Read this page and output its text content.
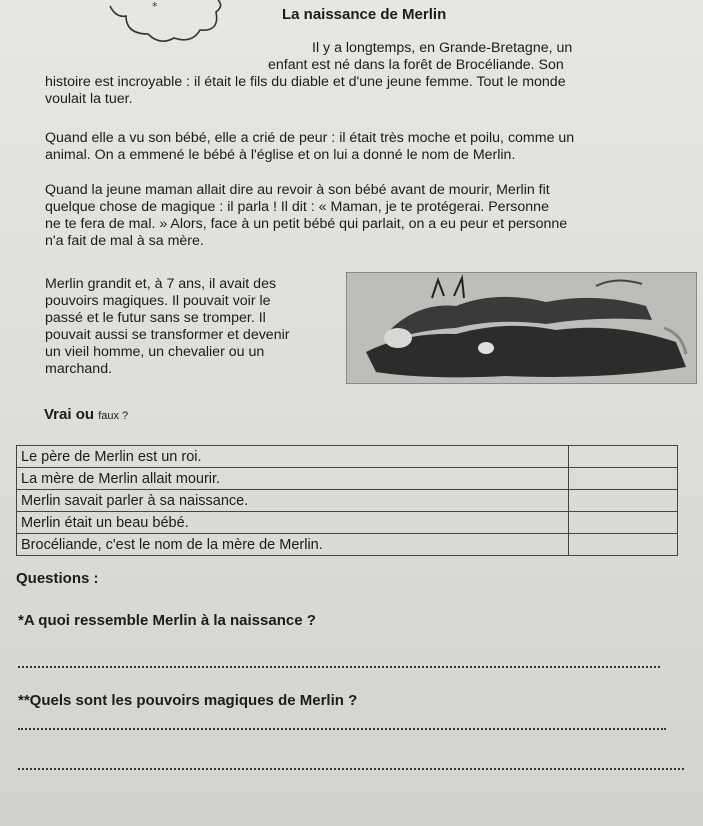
*	La naissance de Merlin
Il y a longtemps, en Grande-Bretagne, un
enfant est né dans la forêt de Brocéliande. Son
histoire est incroyable : il était le fils du diable et d'une jeune femme. Tout le monde
voulait la tuer.
Quand elle a vu son bébé, elle a crié de peur : il était très moche et poilu, comme un
animal. On a emmené le bébé à l'église et on lui a donné le nom de Merlin.
Quand la jeune maman allait dire au revoir à son bébé avant de mourir, Merlin fit
quelque chose de magique : il parla ! Il dit : « Maman, je te protégerai. Personne
ne te fera de mal. » Alors, face à un petit bébé qui parlait, on a eu peur et personne
n'a fait de mal à sa mère.
Merlin grandit et, à 7 ans, il avait des
pouvoirs magiques. Il pouvait voir le
passé et le futur sans se tromper. Il
pouvait aussi se transformer et devenir
un vieil homme, un chevalier ou un
marchand.
Vrai ou faux ?
Le père de Merlin est un roi.	
La mère de Merlin allait mourir.	
Merlin savait parler à sa naissance.	
Merlin était un beau bébé.	
Brocéliande, c'est le nom de la mère de Merlin.	
Questions :
*A quoi ressemble Merlin à la naissance ?
**Quels sont les pouvoirs magiques de Merlin ?
